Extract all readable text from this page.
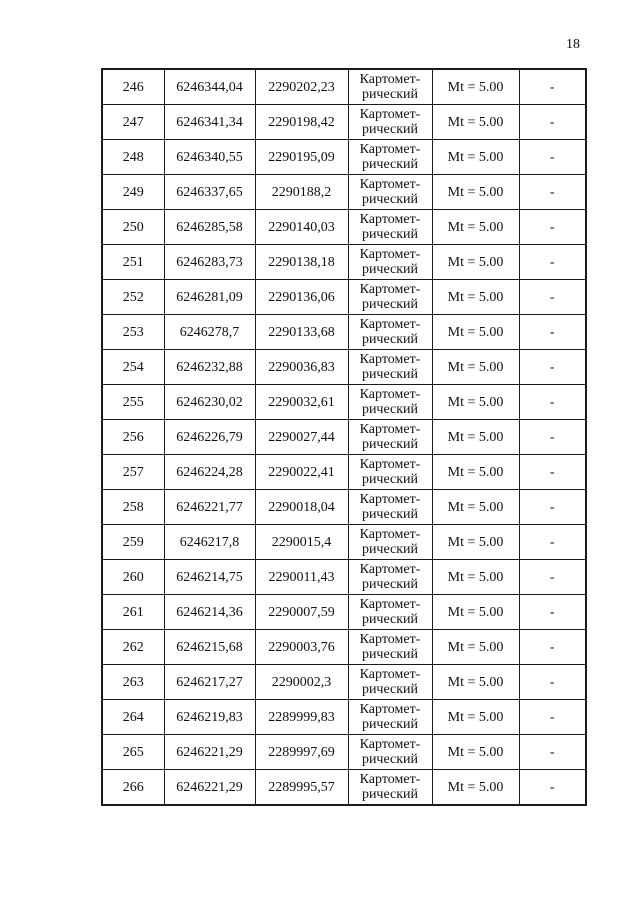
18
246	6246344,04	2290202,23	Картомет-
рический	Mt = 5.00	-
247	6246341,34	2290198,42	Картомет-
рический	Mt = 5.00	-
248	6246340,55	2290195,09	Картомет-
рический	Mt = 5.00	-
249	6246337,65	2290188,2	Картомет-
рический	Mt = 5.00	-
250	6246285,58	2290140,03	Картомет-
рический	Mt = 5.00	-
251	6246283,73	2290138,18	Картомет-
рический	Mt = 5.00	-
252	6246281,09	2290136,06	Картомет-
рический	Mt = 5.00	-
253	6246278,7	2290133,68	Картомет-
рический	Mt = 5.00	-
254	6246232,88	2290036,83	Картомет-
рический	Mt = 5.00	-
255	6246230,02	2290032,61	Картомет-
рический	Mt = 5.00	-
256	6246226,79	2290027,44	Картомет-
рический	Mt = 5.00	-
257	6246224,28	2290022,41	Картомет-
рический	Mt = 5.00	-
258	6246221,77	2290018,04	Картомет-
рический	Mt = 5.00	-
259	6246217,8	2290015,4	Картомет-
рический	Mt = 5.00	-
260	6246214,75	2290011,43	Картомет-
рический	Mt = 5.00	-
261	6246214,36	2290007,59	Картомет-
рический	Mt = 5.00	-
262	6246215,68	2290003,76	Картомет-
рический	Mt = 5.00	-
263	6246217,27	2290002,3	Картомет-
рический	Mt = 5.00	-
264	6246219,83	2289999,83	Картомет-
рический	Mt = 5.00	-
265	6246221,29	2289997,69	Картомет-
рический	Mt = 5.00	-
266	6246221,29	2289995,57	Картомет-
рический	Mt = 5.00	-
